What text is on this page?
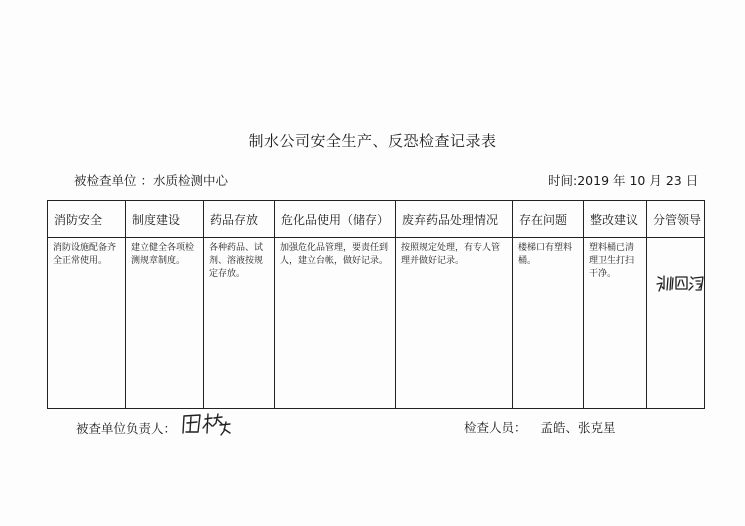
制水公司安全生产、反恐检查记录表
被检查单位 ：水质检测中心	时间:2019 年 10 月 23 日
消防安全	制度建设	药品存放	危化品使用（储存）	废弃药品处理情况	存在问题	整改建议	分管领导
消防设施配备齐全正常使用。	建立健全各项检测规章制度。	各种药品、试剂、溶液按规定存放。	加强危化品管理，要责任到人，建立台帐，做好记录。	按照规定处理，有专人管理并做好记录。	楼梯口有塑料桶。	塑料桶已清理卫生打扫干净。	
被查单位负责人：	检查人员： 孟皓、张克星
